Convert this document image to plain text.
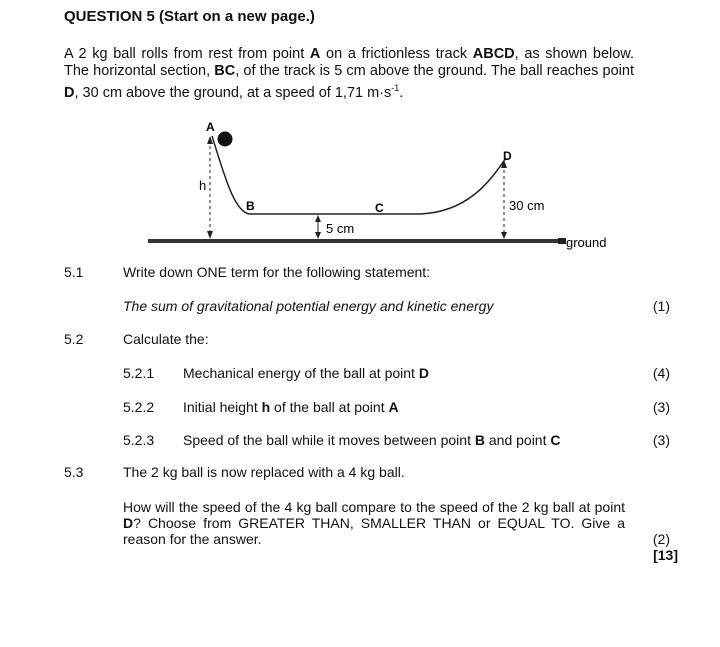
QUESTION 5 (Start on a new page.)
A 2 kg ball rolls from rest from point A on a frictionless track ABCD, as shown below. The horizontal section, BC, of the track is 5 cm above the ground. The ball reaches point D, 30 cm above the ground, at a speed of 1,71 $m\cdot s^{-1}$.
A
B	C
D
h
5 cm
30 cm
ground
5.1	Write down ONE term for the following statement:
The sum of gravitational potential energy and kinetic energy	(1)
5.2	Calculate the:
5.2.1 Mechanical energy of the ball at point D	(4)
5.2.2 Initial height h of the ball at point A	(3)
5.2.3 Speed of the ball while it moves between point B and point C	(3)
5.3	The 2 kg ball is now replaced with a 4 kg ball.
How will the speed of the 4 kg ball compare to the speed of the 2 kg ball at point D? Choose from GREATER THAN, SMALLER THAN or EQUAL TO. Give a reason for the answer.	(2)
[13]
